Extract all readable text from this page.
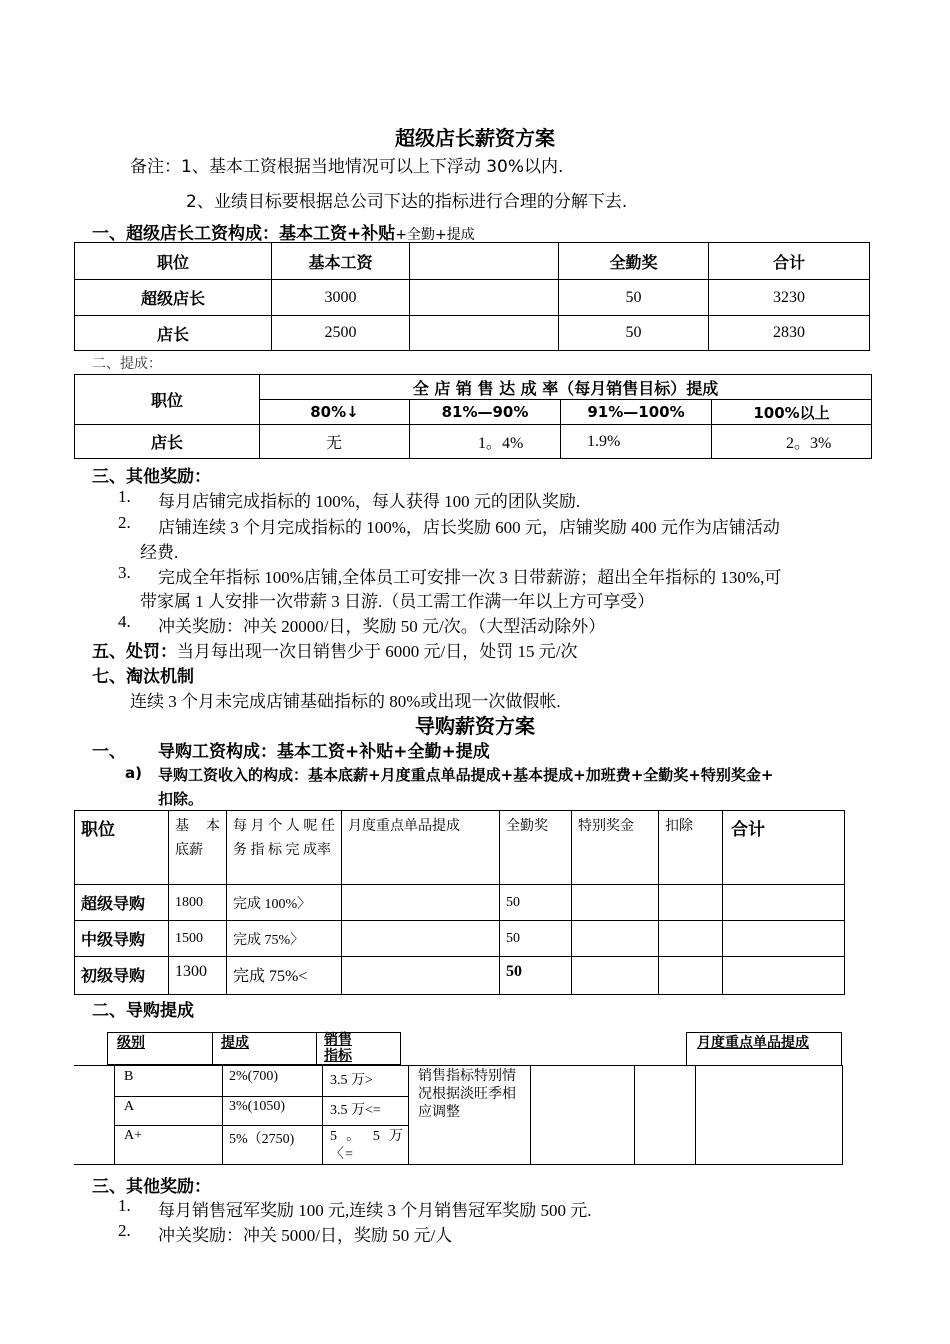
超级店长薪资方案
备注：1、基本工资根据当地情况可以上下浮动 30%以内.
2、业绩目标要根据总公司下达的指标进行合理的分解下去.
一、超级店长工资构成：基本工资+补贴+全勤+提成
职位	基本工资		全勤奖	合计
超级店长	3000		50	3230
店长	2500		50	2830
二、提成：
职位	全 店 销 售 达 成 率（每月销售目标）提成			
	80%↓	81%—90%	91%—100%	100%以上
店长	无	1。4%	1.9%	2。3%
三、其他奖励：
1. 每月店铺完成指标的 100%，每人获得 100 元的团队奖励.
2. 店铺连续 3 个月完成指标的 100%，店长奖励 600 元，店铺奖励 400 元作为店铺活动
经费.
3. 完成全年指标 100%店铺,全体员工可安排一次 3 日带薪游；超出全年指标的 130%,可
带家属 1 人安排一次带薪 3 日游.（员工需工作满一年以上方可享受）
4. 冲关奖励：冲关 20000/日，奖励 50 元/次。（大型活动除外）
五、处罚：当月每出现一次日销售少于 6000 元/日，处罚 15 元/次
七、淘汰机制
连续 3 个月未完成店铺基础指标的 80%或出现一次做假帐.
导购薪资方案
一、 导购工资构成：基本工资+补贴+全勤+提成
a) 导购工资收入的构成：基本底薪+月度重点单品提成+基本提成+加班费+全勤奖+特别奖金+
扣除。
职位	基 本 底薪	每 月 个 人 呢 任 务 指 标 完 成率	月度重点单品提成	全勤奖	特别奖金	扣除	合计
超级导购	1800	完成 100%〉		50			
中级导购	1500	完成 75%〉		50			
初级导购	1300	完成 75%<		50			
二、导购提成
级别	提成	销售指标
月度重点单品提成
B	2%(700)	3.5 万>
A	3%(1050)	3.5 万<=
A+	5%（2750)	5 。 5 万〈=
销售指标特别情况根据淡旺季相应调整
三、其他奖励：
1. 每月销售冠军奖励 100 元,连续 3 个月销售冠军奖励 500 元.
2. 冲关奖励：冲关 5000/日，奖励 50 元/人
